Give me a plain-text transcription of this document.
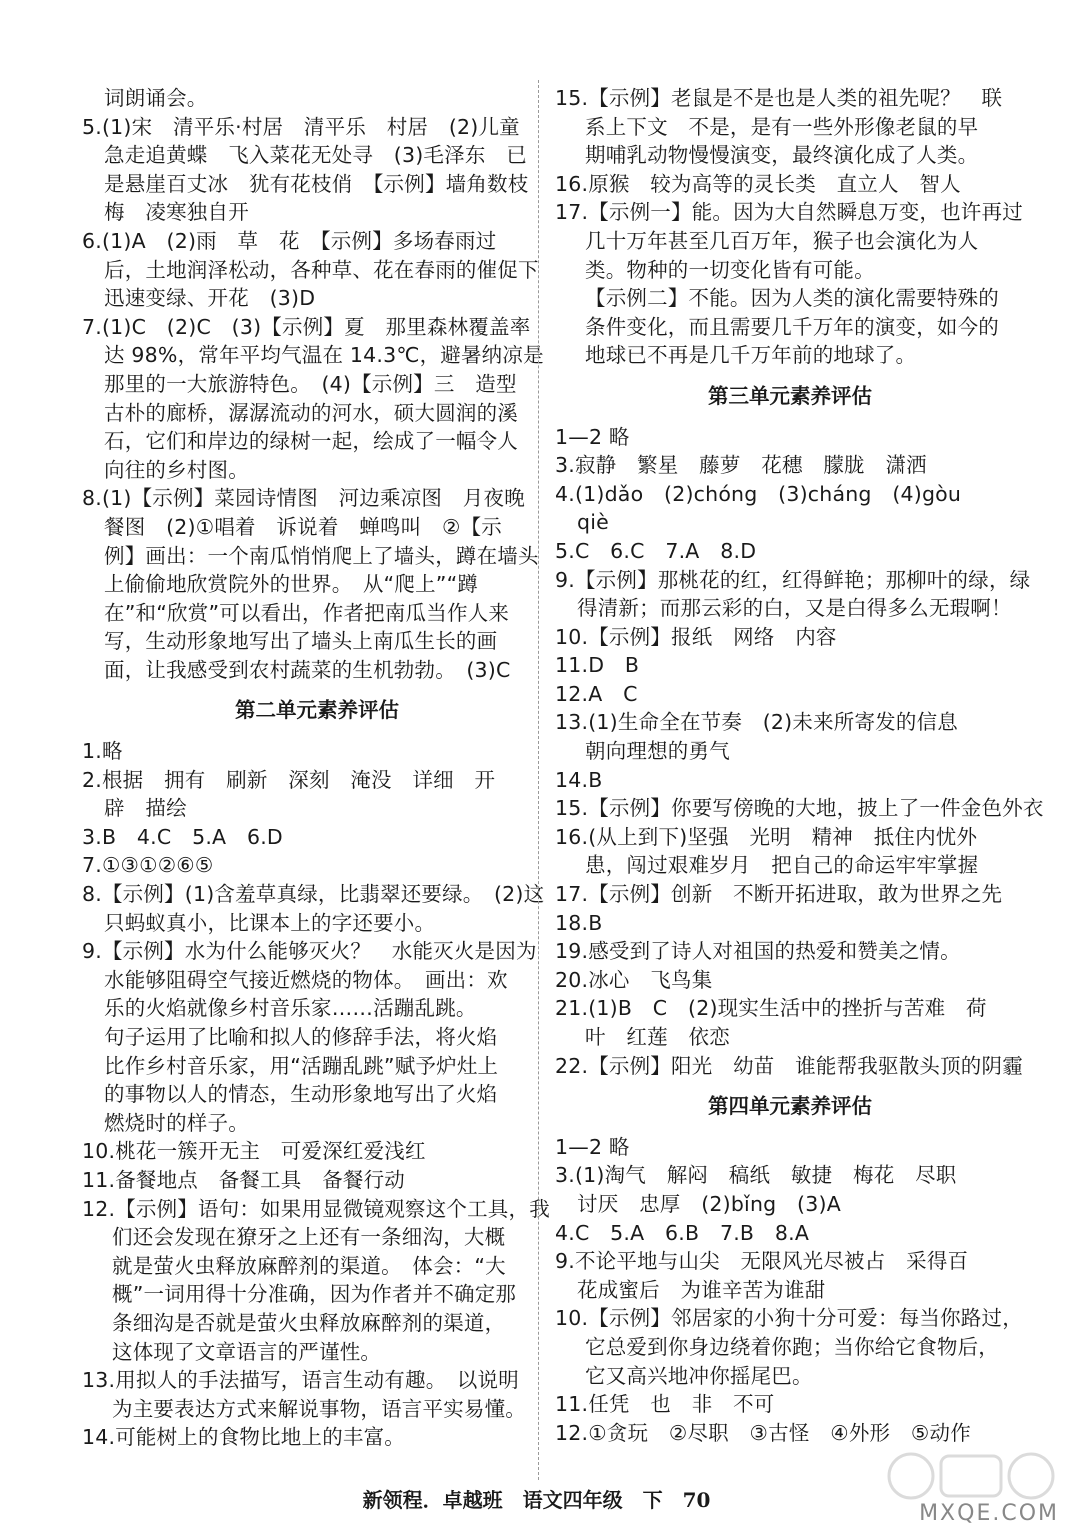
词朗诵会。
5.(1)宋　清平乐·村居　清平乐　村居　(2)儿童
急走追黄蝶　飞入菜花无处寻　(3)毛泽东　已
是悬崖百丈冰　犹有花枝俏　【示例】墙角数枝
梅　凌寒独自开
6.(1)A　(2)雨　草　花　【示例】多场春雨过
后，土地润泽松动，各种草、花在春雨的催促下
迅速变绿、开花　(3)D
7.(1)C　(2)C　(3)【示例】夏　那里森林覆盖率
达 98%，常年平均气温在 14.3℃，避暑纳凉是
那里的一大旅游特色。　(4)【示例】三　造型
古朴的廊桥，潺潺流动的河水，硕大圆润的溪
石，它们和岸边的绿树一起，绘成了一幅令人
向往的乡村图。
8.(1)【示例】菜园诗情图　河边乘凉图　月夜晚
餐图　(2)①唱着　诉说着　蝉鸣叫　②【示
例】画出：一个南瓜悄悄爬上了墙头，蹲在墙头
上偷偷地欣赏院外的世界。　从“爬上”“蹲
在”和“欣赏”可以看出，作者把南瓜当作人来
写，生动形象地写出了墙头上南瓜生长的画
面，让我感受到农村蔬菜的生机勃勃。　(3)C
第二单元素养评估
1.略
2.根据　拥有　刷新　深刻　淹没　详细　开
辟　描绘
3.B　4.C　5.A　6.D
7.①③①②⑥⑤
8.【示例】(1)含羞草真绿，比翡翠还要绿。　(2)这
只蚂蚁真小，比课本上的字还要小。
9.【示例】水为什么能够灭火？　水能灭火是因为
水能够阻碍空气接近燃烧的物体。　画出：欢
乐的火焰就像乡村音乐家……活蹦乱跳。
句子运用了比喻和拟人的修辞手法，将火焰
比作乡村音乐家，用“活蹦乱跳”赋予炉灶上
的事物以人的情态，生动形象地写出了火焰
燃烧时的样子。
10.桃花一簇开无主　可爱深红爱浅红
11.备餐地点　备餐工具　备餐行动
12.【示例】语句：如果用显微镜观察这个工具，我
们还会发现在獠牙之上还有一条细沟，大概
就是萤火虫释放麻醉剂的渠道。　体会：“大
概”一词用得十分准确，因为作者并不确定那
条细沟是否就是萤火虫释放麻醉剂的渠道，
这体现了文章语言的严谨性。
13.用拟人的手法描写，语言生动有趣。　以说明
为主要表达方式来解说事物，语言平实易懂。
14.可能树上的食物比地上的丰富。
15.【示例】老鼠是不是也是人类的祖先呢？　联
系上下文　不是，是有一些外形像老鼠的早
期哺乳动物慢慢演变，最终演化成了人类。
16.原猴　较为高等的灵长类　直立人　智人
17.【示例一】能。因为大自然瞬息万变，也许再过
几十万年甚至几百万年，猴子也会演化为人
类。物种的一切变化皆有可能。
【示例二】不能。因为人类的演化需要特殊的
条件变化，而且需要几千万年的演变，如今的
地球已不再是几千万年前的地球了。
第三单元素养评估
1—2 略
3.寂静　繁星　藤萝　花穗　朦胧　潇洒
4.(1)dǎo　(2)chóng　(3)cháng　(4)gòu
qiè
5.C　6.C　7.A　8.D
9.【示例】那桃花的红，红得鲜艳；那柳叶的绿，绿
得清新；而那云彩的白，又是白得多么无瑕啊！
10.【示例】报纸　网络　内容
11.D　B
12.A　C
13.(1)生命全在节奏　(2)未来所寄发的信息
朝向理想的勇气
14.B
15.【示例】你要写傍晚的大地，披上了一件金色外衣
16.(从上到下)坚强　光明　精神　抵住内忧外
患，闯过艰难岁月　把自己的命运牢牢掌握
17.【示例】创新　不断开拓进取，敢为世界之先
18.B
19.感受到了诗人对祖国的热爱和赞美之情。
20.冰心　飞鸟集
21.(1)B　C　(2)现实生活中的挫折与苦难　荷
叶　红莲　依恋
22.【示例】阳光　幼苗　谁能帮我驱散头顶的阴霾
第四单元素养评估
1—2 略
3.(1)淘气　解闷　稿纸　敏捷　梅花　尽职
讨厌　忠厚　(2)bǐng　(3)A
4.C　5.A　6.B　7.B　8.A
9.不论平地与山尖　无限风光尽被占　采得百
花成蜜后　为谁辛苦为谁甜
10.【示例】邻居家的小狗十分可爱：每当你路过，
它总爱到你身边绕着你跑；当你给它食物后，
它又高兴地冲你摇尾巴。
11.任凭　也　非　不可
12.①贪玩　②尽职　③古怪　④外形　⑤动作
新领程．卓越班　语文四年级　下　70
MXQE.COM
